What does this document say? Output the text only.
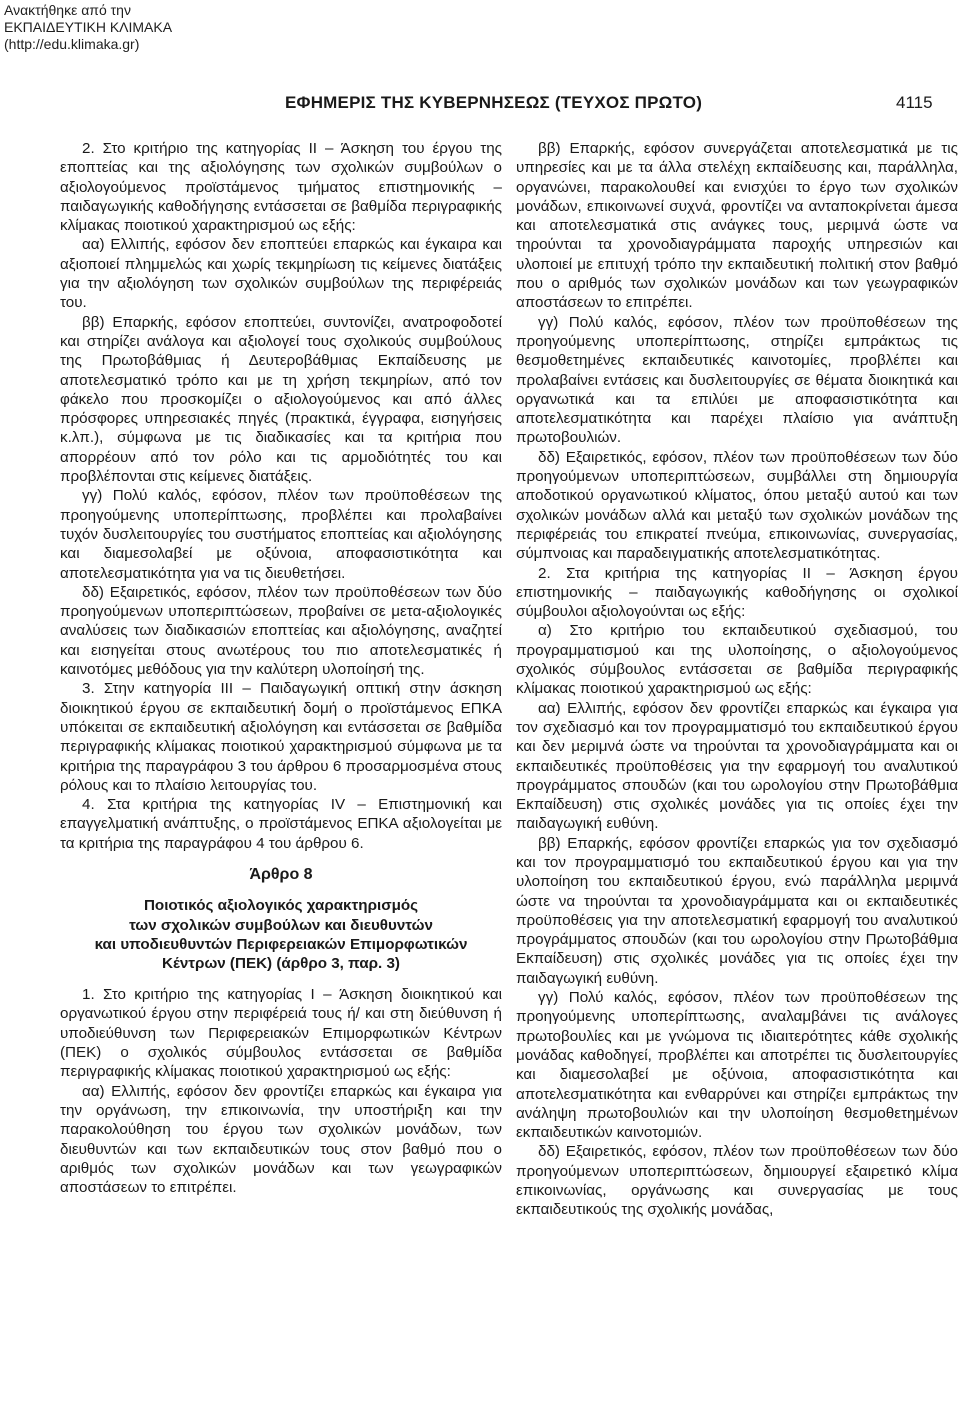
Ανακτήθηκε από την
ΕΚΠΑΙΔΕΥΤΙΚΗ ΚΛΙΜΑΚΑ
(http://edu.klimaka.gr)
ΕΦΗΜΕΡΙΣ ΤΗΣ ΚΥΒΕΡΝΗΣΕΩΣ (ΤΕΥΧΟΣ ΠΡΩΤΟ)	4115

2. Στο κριτήριο της κατηγορίας ΙΙ – Άσκηση του έργου της εποπτείας και της αξιολόγησης των σχολικών συμβούλων ο αξιολογούμενος προϊστάμενος τμήματος επιστημονικής – παιδαγωγικής καθοδήγησης εντάσσεται σε βαθμίδα περιγραφικής κλίμακας ποιοτικού χαρακτηρισμού ως εξής:

αα) Ελλιπής, εφόσον δεν εποπτεύει επαρκώς και έγκαιρα και αξιοποιεί πλημμελώς και χωρίς τεκμηρίωση τις κείμενες διατάξεις για την αξιολόγηση των σχολικών συμβούλων της περιφέρειάς του.

ββ) Επαρκής, εφόσον εποπτεύει, συντονίζει, ανατροφοδοτεί και στηρίζει ανάλογα και αξιολογεί τους σχολικούς συμβούλους της Πρωτοβάθμιας ή Δευτεροβάθμιας Εκπαίδευσης με αποτελεσματικό τρόπο και με τη χρήση τεκμηρίων, από τον φάκελο που προσκομίζει ο αξιολογούμενος και από άλλες πρόσφορες υπηρεσιακές πηγές (πρακτικά, έγγραφα, εισηγήσεις κ.λπ.), σύμφωνα με τις διαδικασίες και τα κριτήρια που απορρέουν από τον ρόλο και τις αρμοδιότητές του και προβλέπονται στις κείμενες διατάξεις.

γγ) Πολύ καλός, εφόσον, πλέον των προϋποθέσεων της προηγούμενης υποπερίπτωσης, προβλέπει και προλαβαίνει τυχόν δυσλειτουργίες του συστήματος εποπτείας και αξιολόγησης και διαμεσολαβεί με οξύνοια, αποφασιστικότητα και αποτελεσματικότητα για να τις διευθετήσει.

δδ) Εξαιρετικός, εφόσον, πλέον των προϋποθέσεων των δύο προηγούμενων υποπεριπτώσεων, προβαίνει σε μετα-αξιολογικές αναλύσεις των διαδικασιών εποπτείας και αξιολόγησης, αναζητεί και εισηγείται στους ανωτέρους του πιο αποτελεσματικές ή καινοτόμες μεθόδους για την καλύτερη υλοποίησή της.

3. Στην κατηγορία ΙΙΙ – Παιδαγωγική οπτική στην άσκηση διοικητικού έργου σε εκπαιδευτική δομή ο προϊστάμενος ΕΠΚΑ υπόκειται σε εκπαιδευτική αξιολόγηση και εντάσσεται σε βαθμίδα περιγραφικής κλίμακας ποιοτικού χαρακτηρισμού σύμφωνα με τα κριτήρια της παραγράφου 3 του άρθρου 6 προσαρμοσμένα στους ρόλους και το πλαίσιο λειτουργίας του.

4. Στα κριτήρια της κατηγορίας IV – Επιστημονική και επαγγελματική ανάπτυξης, ο προϊστάμενος ΕΠΚΑ αξιολογείται με τα κριτήρια της παραγράφου 4 του άρθρου 6.

Άρθρο 8

Ποιοτικός αξιολογικός χαρακτηρισμός

των σχολικών συμβούλων και διευθυντών

και υποδιευθυντών Περιφερειακών Επιμορφωτικών

Κέντρων (ΠΕΚ) (άρθρο 3, παρ. 3)

1. Στο κριτήριο της κατηγορίας Ι – Άσκηση διοικητικού και οργανωτικού έργου στην περιφέρειά τους ή/ και στη διεύθυνση ή υποδιεύθυνση των Περιφερειακών Επιμορφωτικών Κέντρων (ΠΕΚ) ο σχολικός σύμβουλος εντάσσεται σε βαθμίδα περιγραφικής κλίμακας ποιοτικού χαρακτηρισμού ως εξής:

αα) Ελλιπής, εφόσον δεν φροντίζει επαρκώς και έγκαιρα για την οργάνωση, την επικοινωνία, την υποστήριξη και την παρακολούθηση του έργου των σχολικών μονάδων, των διευθυντών και των εκπαιδευτικών τους στον βαθμό που ο αριθμός των σχολικών μονάδων και των γεωγραφικών αποστάσεων το επιτρέπει.

ββ) Επαρκής, εφόσον συνεργάζεται αποτελεσματικά με τις υπηρεσίες και με τα άλλα στελέχη εκπαίδευσης και, παράλληλα, οργανώνει, παρακολουθεί και ενισχύει το έργο των σχολικών μονάδων, επικοινωνεί συχνά, φροντίζει να ανταποκρίνεται άμεσα και αποτελεσματικά στις ανάγκες τους, μεριμνά ώστε να τηρούνται τα χρονοδιαγράμματα παροχής υπηρεσιών και υλοποιεί με επιτυχή τρόπο την εκπαιδευτική πολιτική στον βαθμό που ο αριθμός των σχολικών μονάδων και των γεωγραφικών αποστάσεων το επιτρέπει.

γγ) Πολύ καλός, εφόσον, πλέον των προϋποθέσεων της προηγούμενης υποπερίπτωσης, στηρίζει εμπράκτως τις θεσμοθετημένες εκπαιδευτικές καινοτομίες, προβλέπει και προλαβαίνει εντάσεις και δυσλειτουργίες σε θέματα διοικητικά και οργανωτικά και τα επιλύει με αποφασιστικότητα και αποτελεσματικότητα και παρέχει πλαίσιο για ανάπτυξη πρωτοβουλιών.

δδ) Εξαιρετικός, εφόσον, πλέον των προϋποθέσεων των δύο προηγούμενων υποπεριπτώσεων, συμβάλλει στη δημιουργία αποδοτικού οργανωτικού κλίματος, όπου μεταξύ αυτού και των σχολικών μονάδων αλλά και μεταξύ των σχολικών μονάδων της περιφέρειάς του επικρατεί πνεύμα, επικοινωνίας, συνεργασίας, σύμπνοιας και παραδειγματικής αποτελεσματικότητας.

2. Στα κριτήρια της κατηγορίας ΙΙ – Άσκηση έργου επιστημονικής – παιδαγωγικής καθοδήγησης οι σχολικοί σύμβουλοι αξιολογούνται ως εξής:

α) Στο κριτήριο του εκπαιδευτικού σχεδιασμού, του προγραμματισμού και της υλοποίησης, ο αξιολογούμενος σχολικός σύμβουλος εντάσσεται σε βαθμίδα περιγραφικής κλίμακας ποιοτικού χαρακτηρισμού ως εξής:

αα) Ελλιπής, εφόσον δεν φροντίζει επαρκώς και έγκαιρα για τον σχεδιασμό και τον προγραμματισμό του εκπαιδευτικού έργου και δεν μεριμνά ώστε να τηρούνται τα χρονοδιαγράμματα και οι εκπαιδευτικές προϋποθέσεις για την εφαρμογή του αναλυτικού προγράμματος σπουδών (και του ωρολογίου στην Πρωτοβάθμια Εκπαίδευση) στις σχολικές μονάδες για τις οποίες έχει την παιδαγωγική ευθύνη.

ββ) Επαρκής, εφόσον φροντίζει επαρκώς για τον σχεδιασμό και τον προγραμματισμό του εκπαιδευτικού έργου και για την υλοποίηση του εκπαιδευτικού έργου, ενώ παράλληλα μεριμνά ώστε να τηρούνται τα χρονοδιαγράμματα και οι εκπαιδευτικές προϋποθέσεις για την αποτελεσματική εφαρμογή του αναλυτικού προγράμματος σπουδών (και του ωρολογίου στην Πρωτοβάθμια Εκπαίδευση) στις σχολικές μονάδες για τις οποίες έχει την παιδαγωγική ευθύνη.

γγ) Πολύ καλός, εφόσον, πλέον των προϋποθέσεων της προηγούμενης υποπερίπτωσης, αναλαμβάνει τις ανάλογες πρωτοβουλίες και με γνώμονα τις ιδιαιτερότητες κάθε σχολικής μονάδας καθοδηγεί, προβλέπει και αποτρέπει τις δυσλειτουργίες και διαμεσολαβεί με οξύνοια, αποφασιστικότητα και αποτελεσματικότητα και ενθαρρύνει και στηρίζει εμπράκτως την ανάληψη πρωτοβουλιών και την υλοποίηση θεσμοθετημένων εκπαιδευτικών καινοτομιών.

δδ) Εξαιρετικός, εφόσον, πλέον των προϋποθέσεων των δύο προηγούμενων υποπεριπτώσεων, δημιουργεί εξαιρετικό κλίμα επικοινωνίας, οργάνωσης και συνεργασίας με τους εκπαιδευτικούς της σχολικής μονάδας,
